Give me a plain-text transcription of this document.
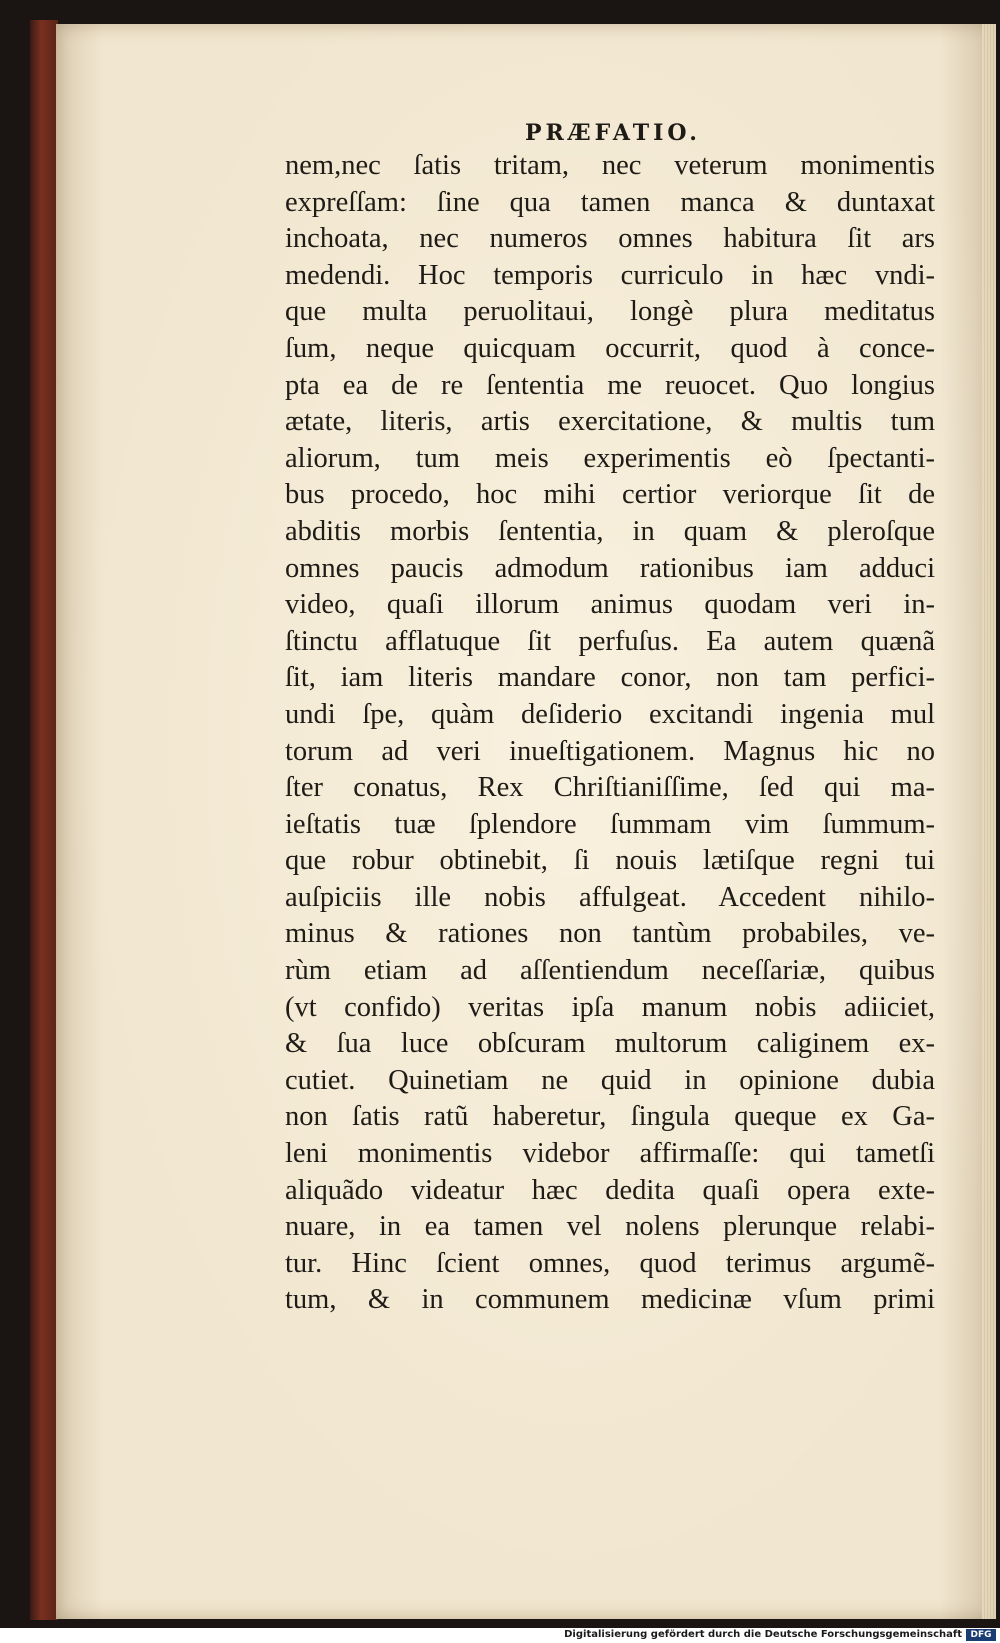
PRÆFATIO.
nem,nec ſatis tritam, nec veterum monimentis
expreſſam: ſine qua tamen manca & duntaxat
inchoata, nec numeros omnes habitura ſit ars
medendi. Hoc temporis curriculo in hæc vndi-
que multa peruolitaui, longè plura meditatus
ſum, neque quicquam occurrit, quod à conce-
pta ea de re ſententia me reuocet. Quo longius
ætate, literis, artis exercitatione, & multis tum
aliorum, tum meis experimentis eò ſpectanti-
bus procedo, hoc mihi certior veriorque ſit de
abditis morbis ſententia, in quam & pleroſque
omnes paucis admodum rationibus iam adduci
video, quaſi illorum animus quodam veri in-
ſtinctu afflatuque ſit perfuſus. Ea autem quænã
ſit, iam literis mandare conor, non tam perfici-
undi ſpe, quàm deſiderio excitandi ingenia mul
torum ad veri inueſtigationem. Magnus hic no
ſter conatus, Rex Chriſtianiſſime, ſed qui ma-
ieſtatis tuæ ſplendore ſummam vim ſummum-
que robur obtinebit, ſi nouis lætiſque regni tui
auſpiciis ille nobis affulgeat. Accedent nihilo-
minus & rationes non tantùm probabiles, ve-
rùm etiam ad aſſentiendum neceſſariæ, quibus
(vt confido) veritas ipſa manum nobis adiiciet,
& ſua luce obſcuram multorum caliginem ex-
cutiet. Quinetiam ne quid in opinione dubia
non ſatis ratũ haberetur, ſingula queque ex Ga-
leni monimentis videbor affirmaſſe: qui tametſi
aliquãdo videatur hæc dedita quaſi opera exte-
nuare, in ea tamen vel nolens plerunque relabi-
tur. Hinc ſcient omnes, quod terimus argumẽ-
tum, & in communem medicinæ vſum primi
Digitalisierung gefördert durch die Deutsche Forschungsgemeinschaft DFG
